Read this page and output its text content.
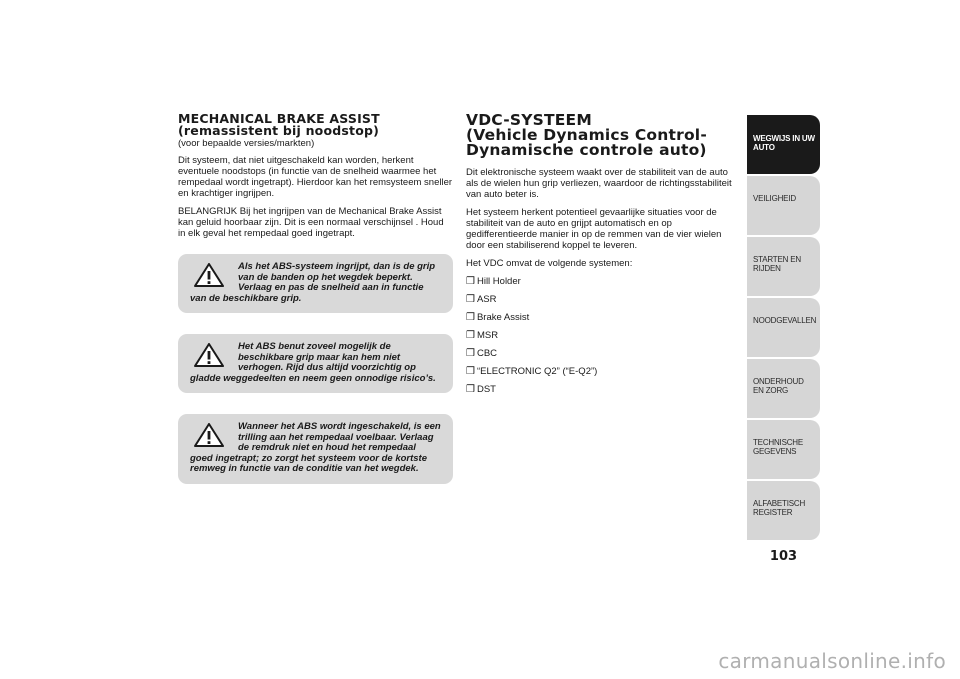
MECHANICAL BRAKE ASSIST
(remassistent bij noodstop)
(voor bepaalde versies/markten)

Dit systeem, dat niet uitgeschakeld kan worden, herkent eventuele noodstops (in functie van de snelheid waarmee het rempedaal wordt ingetrapt). Hierdoor kan het remsysteem sneller en krachtiger ingrijpen.

BELANGRIJK Bij het ingrijpen van de Mechanical Brake Assist kan geluid hoorbaar zijn. Dit is een normaal verschijnsel . Houd in elk geval het rempedaal goed ingetrapt.

Als het ABS-systeem ingrijpt, dan is de grip van de banden op het wegdek beperkt. Verlaag en pas de snelheid aan in functie van de beschikbare grip.
Het ABS benut zoveel mogelijk de beschikbare grip maar kan hem niet verhogen. Rijd dus altijd voorzichtig op gladde weggedeelten en neem geen onnodige risico’s.
Wanneer het ABS wordt ingeschakeld, is een trilling aan het rempedaal voelbaar. Verlaag de remdruk niet en houd het rempedaal goed ingetrapt; zo zorgt het systeem voor de kortste remweg in functie van de conditie van het wegdek.
VDC-SYSTEEM
(Vehicle Dynamics Control-
Dynamische controle auto)

Dit elektronische systeem waakt over de stabiliteit van de auto als de wielen hun grip verliezen, waardoor de richtingsstabiliteit van auto beter is.

Het systeem herkent potentieel gevaarlijke situaties voor de stabiliteit van de auto en grijpt automatisch en op gedifferentieerde manier in op de remmen van de vier wielen door een stabiliserend koppel te leveren.

Het VDC omvat de volgende systemen:

❒ Hill Holder
❒ ASR
❒ Brake Assist
❒ MSR
❒ CBC
❒ “ELECTRONIC Q2” (“E-Q2”)
❒ DST
WEGWIJS IN UW AUTO
VEILIGHEID
STARTEN EN RIJDEN
NOODGEVALLEN
ONDERHOUD EN ZORG
TECHNISCHE GEGEVENS
ALFABETISCH REGISTER
103
carmanualsonline.info
